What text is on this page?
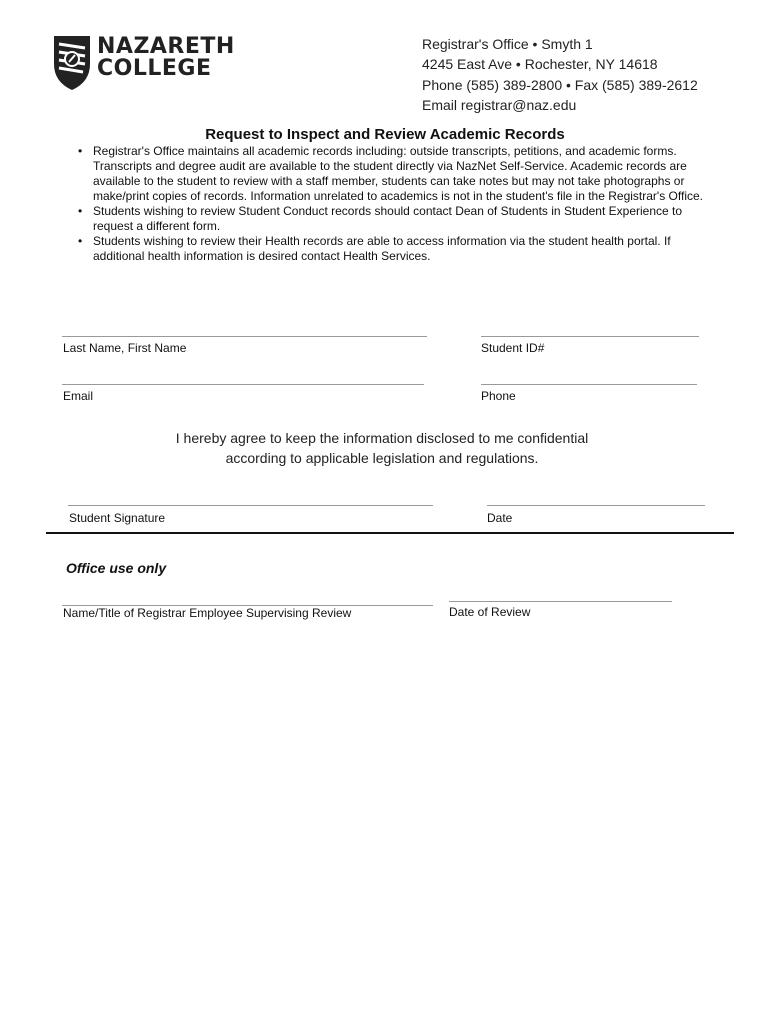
NAZARETH
COLLEGE
Registrar's Office • Smyth 1
4245 East Ave • Rochester, NY 14618
Phone (585) 389-2800 • Fax (585) 389-2612
Email registrar@naz.edu
Request to Inspect and Review Academic Records
• Registrar's Office maintains all academic records including: outside transcripts, petitions, and academic forms. Transcripts and degree audit are available to the student directly via NazNet Self-Service. Academic records are available to the student to review with a staff member, students can take notes but may not take photographs or make/print copies of records. Information unrelated to academics is not in the student's file in the Registrar's Office.
• Students wishing to review Student Conduct records should contact Dean of Students in Student Experience to request a different form.
• Students wishing to review their Health records are able to access information via the student health portal. If additional health information is desired contact Health Services.
Last Name, First Name	Student ID#
Email	Phone
I hereby agree to keep the information disclosed to me confidential
according to applicable legislation and regulations.
Student Signature	Date
Office use only
Name/Title of Registrar Employee Supervising Review	Date of Review
